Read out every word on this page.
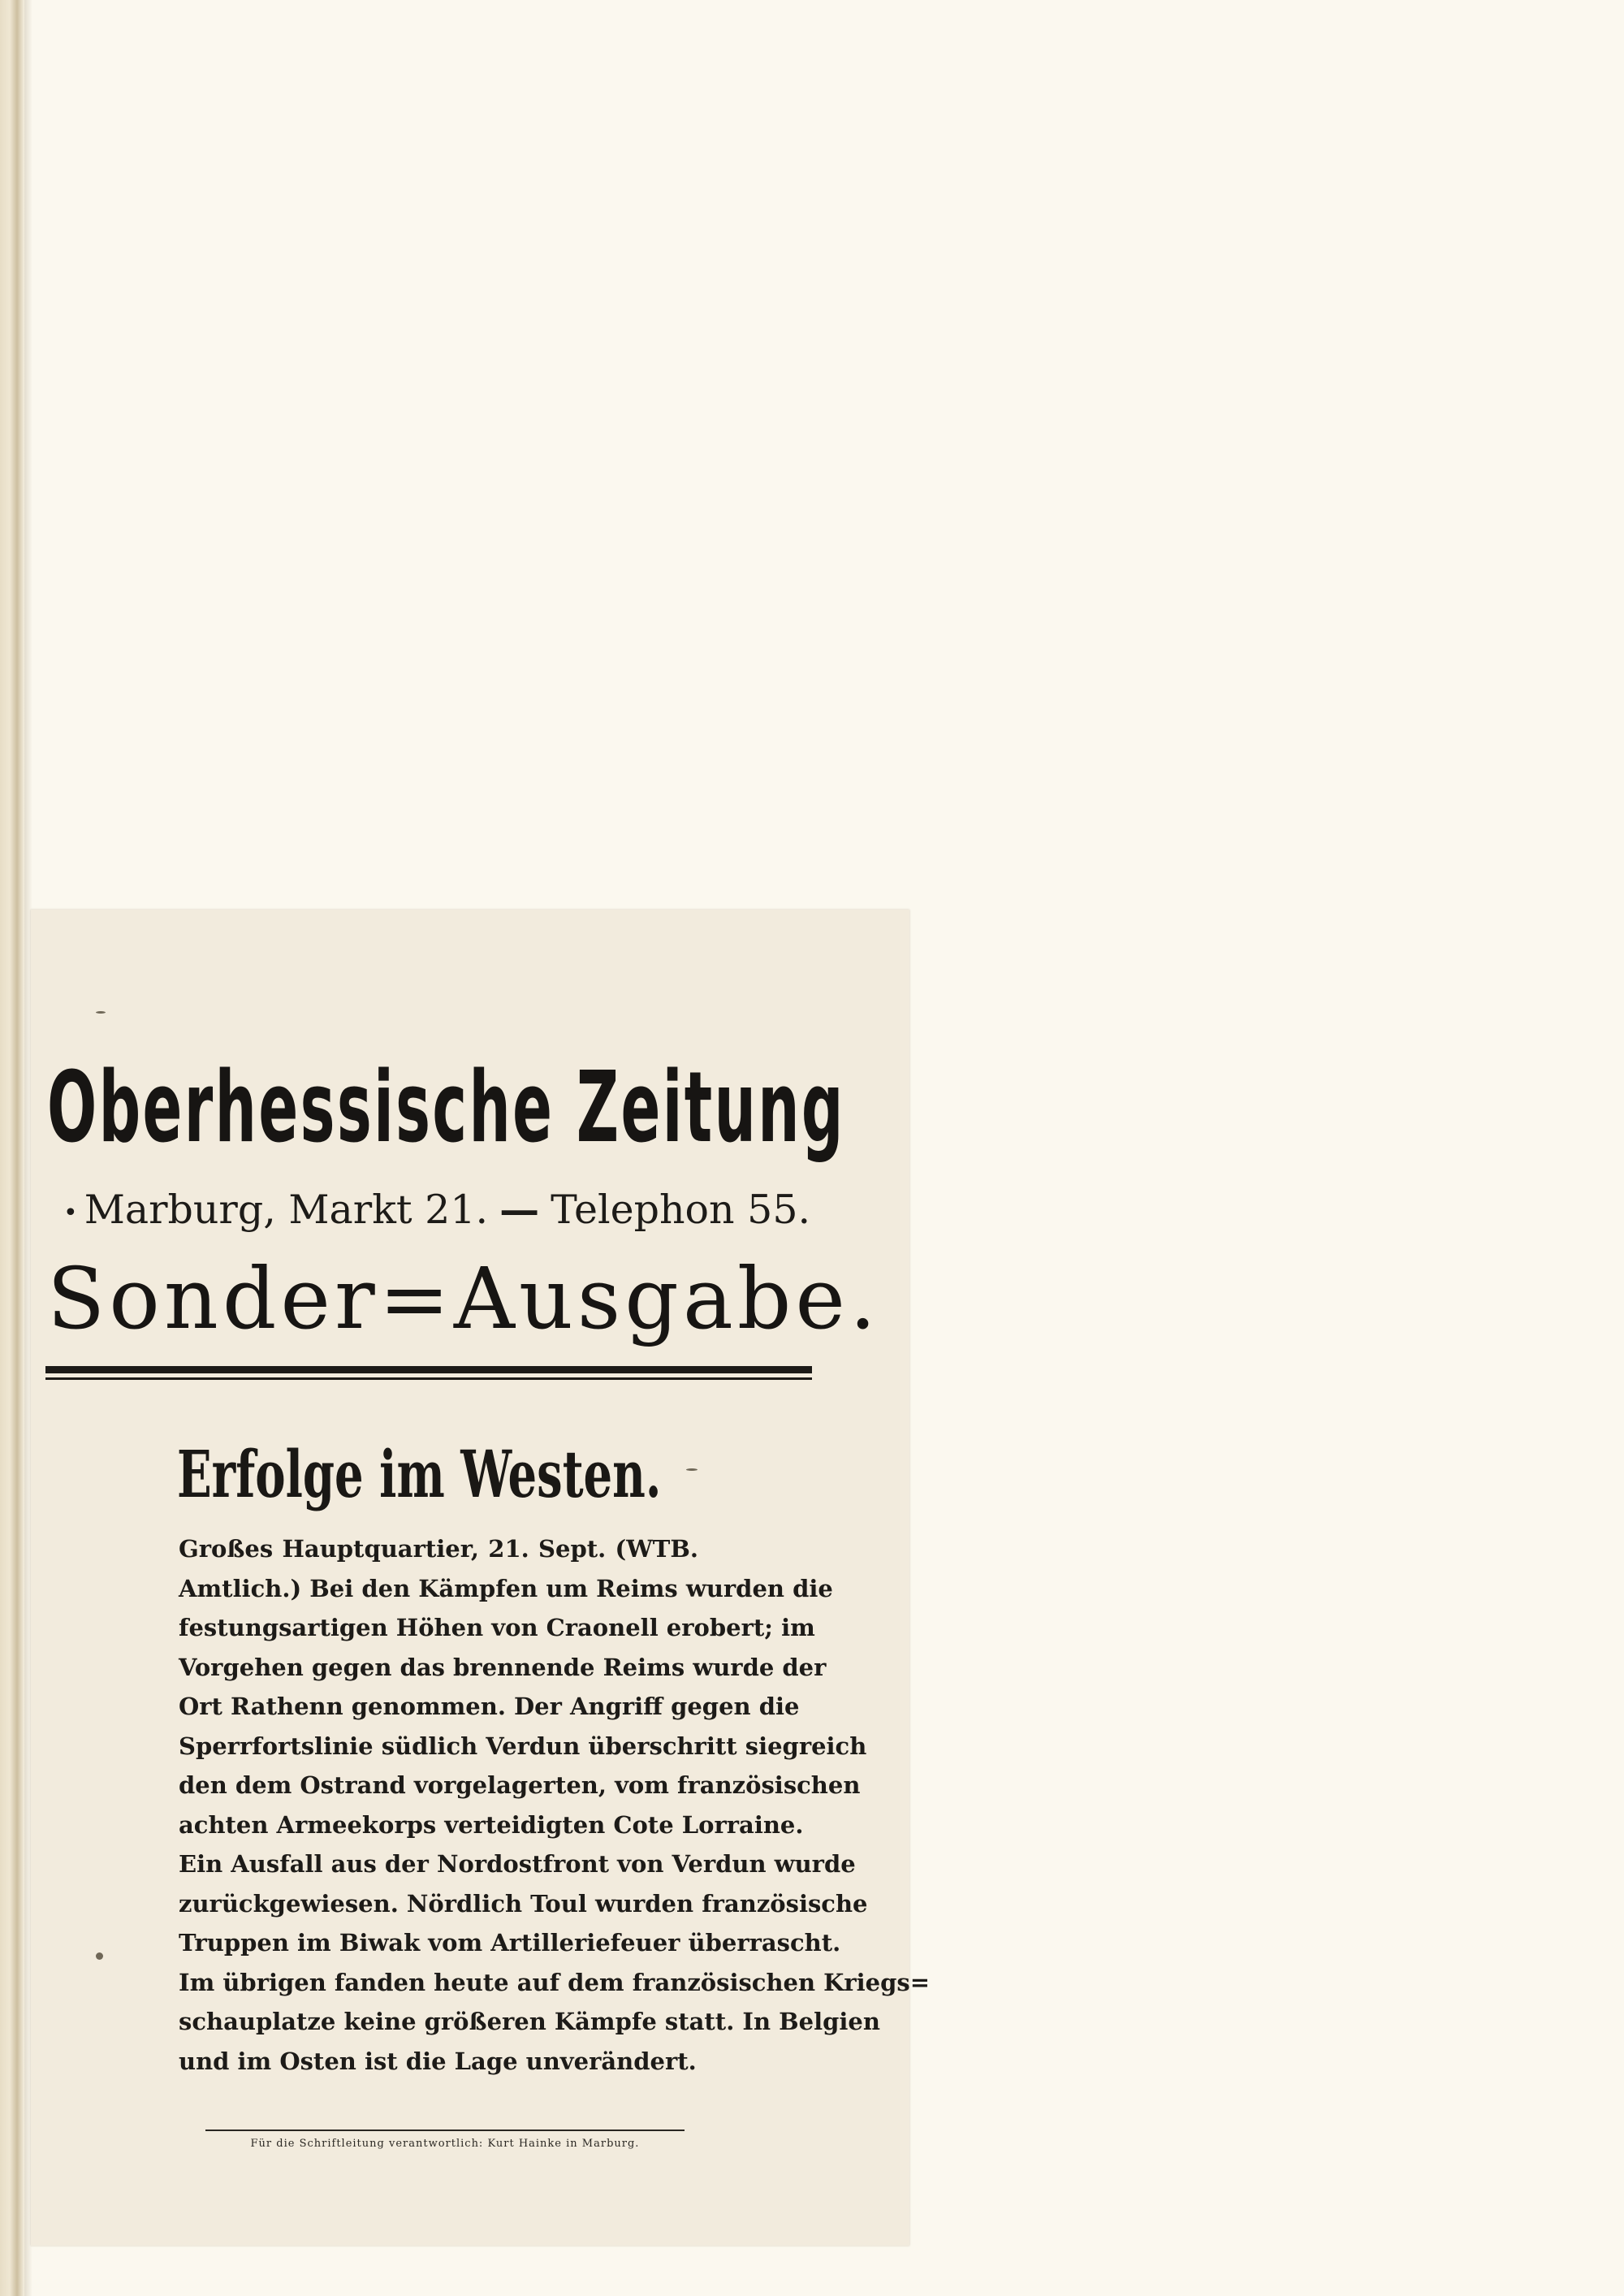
Oberhessische Zeitung
• Marburg, Markt 21. — Telephon 55.
Sonder=Ausgabe.
Erfolge im Westen.
Großes Hauptquartier, 21. Sept. (WTB.
Amtlich.) Bei den Kämpfen um Reims wurden die
festungsartigen Höhen von Craonell erobert; im
Vorgehen gegen das brennende Reims wurde der
Ort Rathenn genommen. Der Angriff gegen die
Sperrfortslinie südlich Verdun überschritt siegreich
den dem Ostrand vorgelagerten, vom französischen
achten Armeekorps verteidigten Cote Lorraine.
Ein Ausfall aus der Nordostfront von Verdun wurde
zurückgewiesen. Nördlich Toul wurden französische
Truppen im Biwak vom Artilleriefeuer überrascht.
Im übrigen fanden heute auf dem französischen Kriegs=
schauplatze keine größeren Kämpfe statt. In Belgien
und im Osten ist die Lage unverändert.
Für die Schriftleitung verantwortlich: Kurt Hainke in Marburg.
